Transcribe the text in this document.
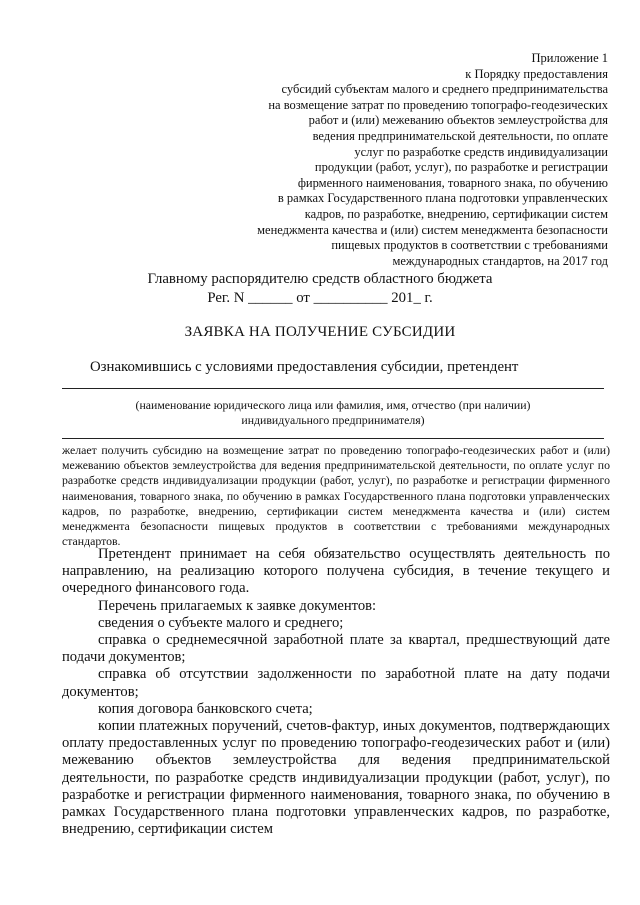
Приложение 1
к Порядку предоставления
субсидий субъектам малого и среднего предпринимательства
на возмещение затрат по проведению топографо-геодезических
работ и (или) межеванию объектов землеустройства для
ведения предпринимательской деятельности, по оплате
услуг по разработке средств индивидуализации
продукции (работ, услуг), по разработке и регистрации
фирменного наименования, товарного знака, по обучению
в рамках Государственного плана подготовки управленческих
кадров, по разработке, внедрению, сертификации систем
менеджмента качества и (или) систем менеджмента безопасности
пищевых продуктов в соответствии с требованиями
международных стандартов, на 2017 год
Главному распорядителю средств областного бюджета
Рег. N ______ от __________ 201_ г.
ЗАЯВКА НА ПОЛУЧЕНИЕ СУБСИДИИ
Ознакомившись с условиями предоставления субсидии, претендент
(наименование юридического лица или фамилия, имя, отчество (при наличии)
индивидуального предпринимателя)
желает получить субсидию на возмещение затрат по проведению топографо-геодезических работ и (или) межеванию объектов землеустройства для ведения предпринимательской деятельности, по оплате услуг по разработке средств индивидуализации продукции (работ, услуг), по разработке и регистрации фирменного наименования, товарного знака, по обучению в рамках Государственного плана подготовки управленческих кадров, по разработке, внедрению, сертификации систем менеджмента качества и (или) систем менеджмента безопасности пищевых продуктов в соответствии с требованиями международных стандартов.

Претендент принимает на себя обязательство осуществлять деятельность по направлению, на реализацию которого получена субсидия, в течение текущего и очередного финансового года.

Перечень прилагаемых к заявке документов:

сведения о субъекте малого и среднего;

справка о среднемесячной заработной плате за квартал, предшествующий дате подачи документов;

справка об отсутствии задолженности по заработной плате на дату подачи документов;

копия договора банковского счета;

копии платежных поручений, счетов-фактур, иных документов, подтверждающих оплату предоставленных услуг по проведению топографо-геодезических работ и (или) межеванию объектов землеустройства для ведения предпринимательской деятельности, по разработке средств индивидуализации продукции (работ, услуг), по разработке и регистрации фирменного наименования, товарного знака, по обучению в рамках Государственного плана подготовки управленческих кадров, по разработке, внедрению, сертификации систем
